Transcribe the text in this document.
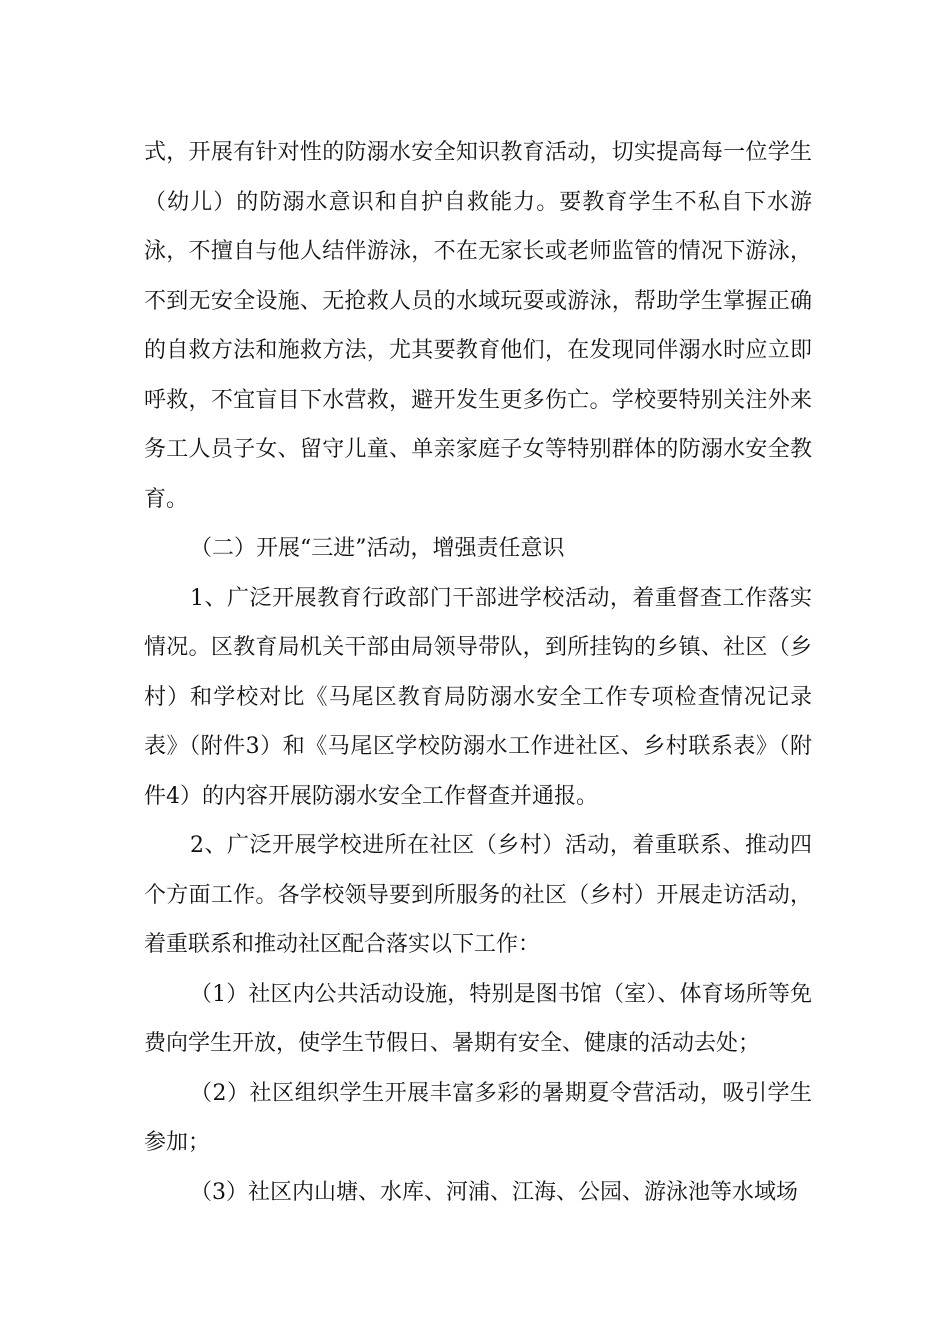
式，开展有针对性的防溺水安全知识教育活动，切实提高每一位学生（幼儿）的防溺水意识和自护自救能力。要教育学生不私自下水游泳，不擅自与他人结伴游泳，不在无家长或老师监管的情况下游泳，不到无安全设施、无抢救人员的水域玩耍或游泳，帮助学生掌握正确的自救方法和施救方法，尤其要教育他们，在发现同伴溺水时应立即呼救，不宜盲目下水营救，避开发生更多伤亡。学校要特别关注外来务工人员子女、留守儿童、单亲家庭子女等特别群体的防溺水安全教育。

（二）开展“三进”活动，增强责任意识

1、广泛开展教育行政部门干部进学校活动，着重督查工作落实情况。区教育局机关干部由局领导带队，到所挂钩的乡镇、社区（乡村）和学校对比《马尾区教育局防溺水安全工作专项检查情况记录表》（附件3）和《马尾区学校防溺水工作进社区、乡村联系表》（附件4）的内容开展防溺水安全工作督查并通报。

2、广泛开展学校进所在社区（乡村）活动，着重联系、推动四个方面工作。各学校领导要到所服务的社区（乡村）开展走访活动，着重联系和推动社区配合落实以下工作：

（1）社区内公共活动设施，特别是图书馆（室）、体育场所等免费向学生开放，使学生节假日、暑期有安全、健康的活动去处；

（2）社区组织学生开展丰富多彩的暑期夏令营活动，吸引学生参加；

（3）社区内山塘、水库、河浦、江海、公园、游泳池等水域场
